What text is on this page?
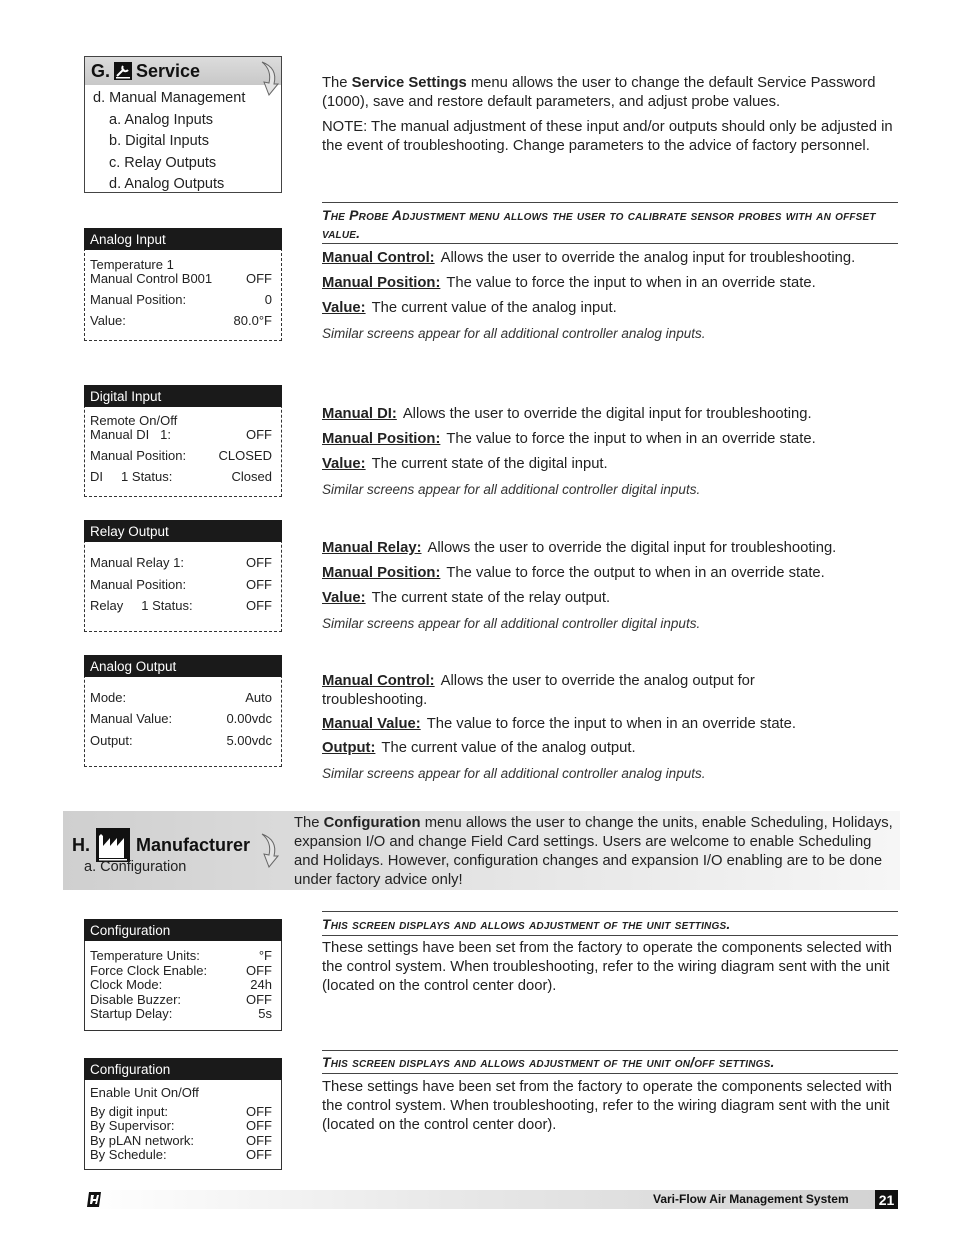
G. Service
d. Manual Management
a. Analog Inputs
b. Digital Inputs
c. Relay Outputs
d. Analog Outputs

The Service Settings menu allows the user to change the default Service Password (1000), save and restore default parameters, and adjust probe values.

NOTE: The manual adjustment of these input and/or outputs should only be adjusted in the event of troubleshooting. Change parameters to the advice of factory personnel.

Analog Input
Temperature 1
Manual Control B001	OFF
Manual Position:	0
Value:	80.0°F
The Probe Adjustment menu allows the user to calibrate sensor probes with an offset value.
Manual Control: Allows the user to override the analog input for troubleshooting.
Manual Position: The value to force the input to when in an override state.
Value: The current value of the analog input.
Similar screens appear for all additional controller analog inputs.
Digital Input
Remote On/Off
Manual DI   1:	OFF
Manual Position: CLOSED
DI     1 Status:	Closed
Manual DI: Allows the user to override the digital input for troubleshooting.
Manual Position: The value to force the input to when in an override state.
Value: The current state of the digital input.
Similar screens appear for all additional controller digital inputs.
Relay Output
Manual Relay 1:	OFF
Manual Position:	OFF
Relay     1 Status:	OFF
Manual Relay: Allows the user to override the digital input for troubleshooting.
Manual Position: The value to force the output to when in an override state.
Value: The current state of the relay output.
Similar screens appear for all additional controller digital inputs.
Analog Output
Mode:	Auto
Manual Value:	0.00vdc
Output:	5.00vdc
Manual Control: Allows the user to override the analog output for troubleshooting.
Manual Value: The value to force the input to when in an override state.
Output: The current value of the analog output.
Similar screens appear for all additional controller analog inputs.
H.	Manufacturer
a. Configuration
The Configuration menu allows the user to change the units, enable Scheduling, Holidays, expansion I/O and change Field Card settings. Users are welcome to enable Scheduling and Holidays. However, configuration changes and expansion I/O enabling are to be done under factory advice only!
Configuration
Temperature Units:	°F
Force Clock Enable:	OFF
Clock Mode:	24h
Disable Buzzer:	OFF
Startup Delay:	5s
This screen displays and allows adjustment of the unit settings.
These settings have been set from the factory to operate the components selected with the control system. When troubleshooting, refer to the wiring diagram sent with the unit (located on the control center door).
Configuration
Enable Unit On/Off
By digit input:	OFF
By Supervisor:	OFF
By pLAN network:	OFF
By Schedule:	OFF
This screen displays and allows adjustment of the unit on/off settings.
These settings have been set from the factory to operate the components selected with the control system. When troubleshooting, refer to the wiring diagram sent with the unit (located on the control center door).
Vari-Flow Air Management System 21
